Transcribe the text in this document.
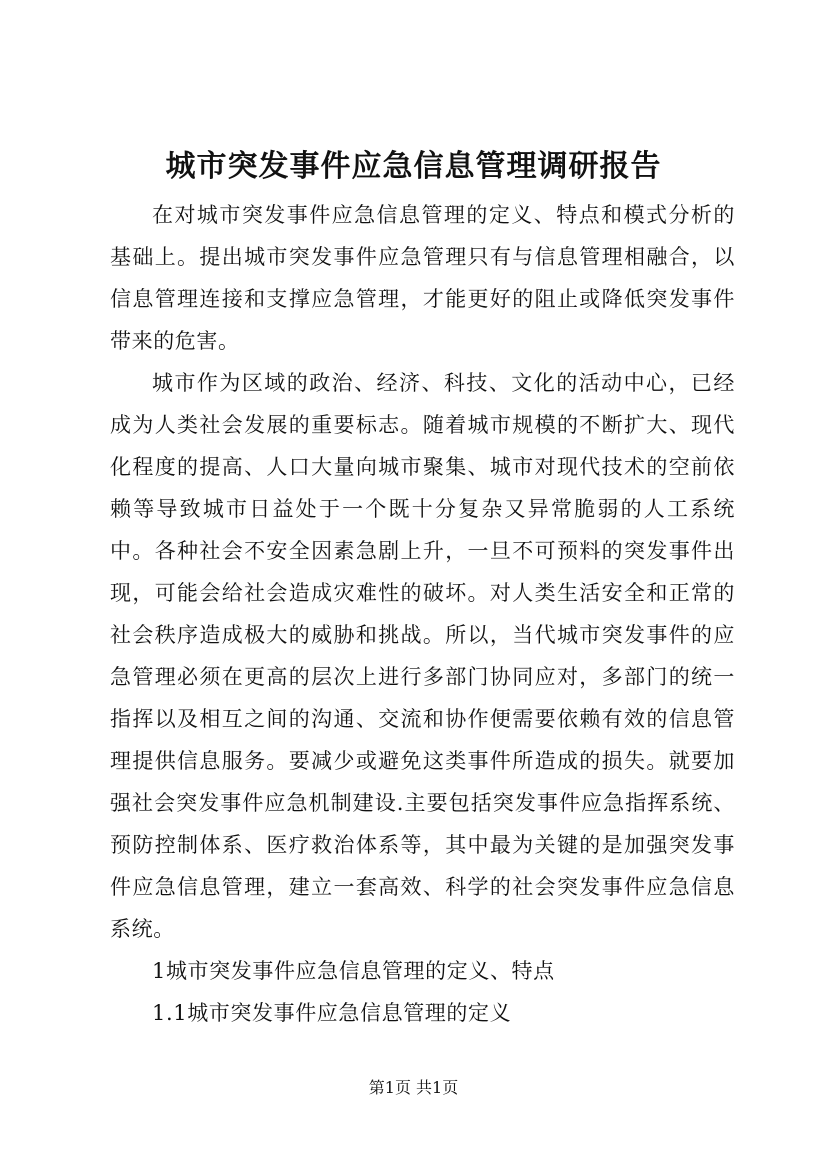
城市突发事件应急信息管理调研报告

在对城市突发事件应急信息管理的定义、特点和模式分析的基础上。提出城市突发事件应急管理只有与信息管理相融合，以信息管理连接和支撑应急管理，才能更好的阻止或降低突发事件带来的危害。

城市作为区域的政治、经济、科技、文化的活动中心，已经成为人类社会发展的重要标志。随着城市规模的不断扩大、现代化程度的提高、人口大量向城市聚集、城市对现代技术的空前依赖等导致城市日益处于一个既十分复杂又异常脆弱的人工系统中。各种社会不安全因素急剧上升，一旦不可预料的突发事件出现，可能会给社会造成灾难性的破坏。对人类生活安全和正常的社会秩序造成极大的威胁和挑战。所以，当代城市突发事件的应急管理必须在更高的层次上进行多部门协同应对，多部门的统一指挥以及相互之间的沟通、交流和协作便需要依赖有效的信息管理提供信息服务。要减少或避免这类事件所造成的损失。就要加强社会突发事件应急机制建设.主要包括突发事件应急指挥系统、预防控制体系、医疗救治体系等，其中最为关键的是加强突发事件应急信息管理，建立一套高效、科学的社会突发事件应急信息系统。

1城市突发事件应急信息管理的定义、特点

1.1城市突发事件应急信息管理的定义

第1页 共1页
